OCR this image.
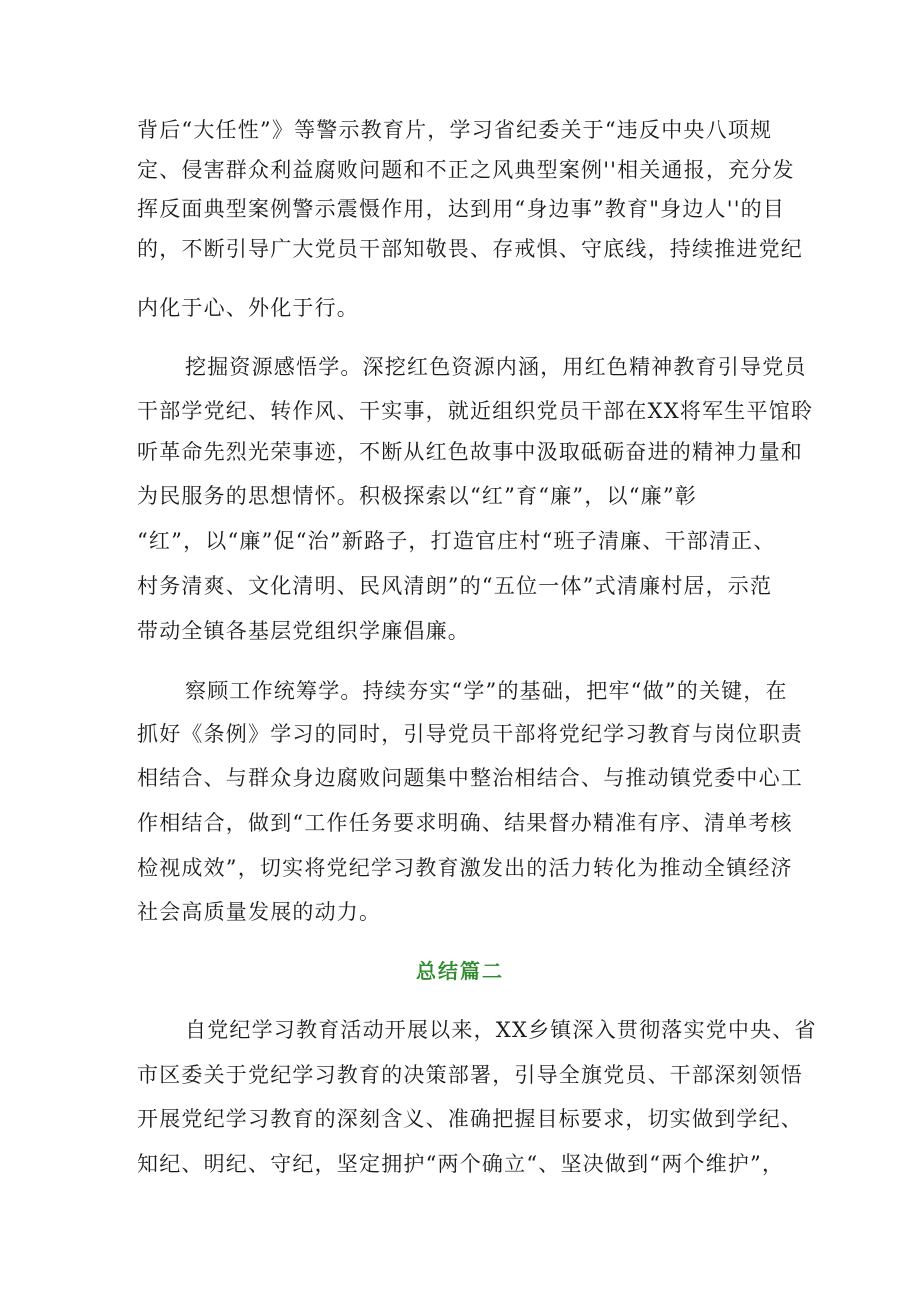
背后“大任性”》等警示教育片，学习省纪委关于“违反中央八项规
定、侵害群众利益腐败问题和不正之风典型案例''相关通报，充分发
挥反面典型案例警示震慑作用，达到用“身边事”教育"身边人''的目
的，不断引导广大党员干部知敬畏、存戒惧、守底线，持续推进党纪
内化于心、外化于行。
挖掘资源感悟学。深挖红色资源内涵，用红色精神教育引导党员
干部学党纪、转作风、干实事，就近组织党员干部在XX将军生平馆聆
听革命先烈光荣事迹，不断从红色故事中汲取砥砺奋进的精神力量和
为民服务的思想情怀。积极探索以“红”育“廉”，以“廉”彰
“红”，以“廉”促“治”新路子，打造官庄村“班子清廉、干部清正、
村务清爽、文化清明、民风清朗”的“五位一体”式清廉村居，示范
带动全镇各基层党组织学廉倡廉。
察顾工作统筹学。持续夯实“学”的基础，把牢“做”的关键，在
抓好《条例》学习的同时，引导党员干部将党纪学习教育与岗位职责
相结合、与群众身边腐败问题集中整治相结合、与推动镇党委中心工
作相结合，做到“工作任务要求明确、结果督办精准有序、清单考核
检视成效”，切实将党纪学习教育激发出的活力转化为推动全镇经济
社会高质量发展的动力。
总结篇二
自党纪学习教育活动开展以来，XX乡镇深入贯彻落实党中央、省
市区委关于党纪学习教育的决策部署，引导全旗党员、干部深刻领悟
开展党纪学习教育的深刻含义、准确把握目标要求，切实做到学纪、
知纪、明纪、守纪，坚定拥护“两个确立“、坚决做到“两个维护”，
